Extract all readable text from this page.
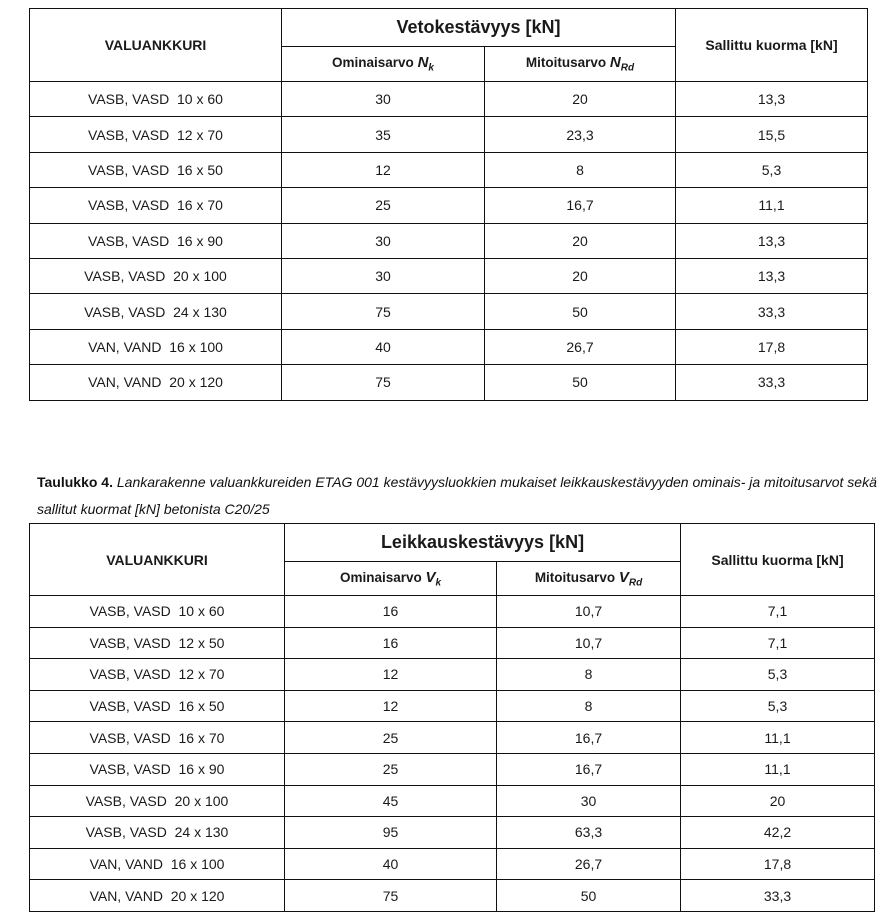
VALUANKKURI	Vetokestävyys [kN]		Sallittu kuorma [kN]
	Ominaisarvo $N_k$	Mitoitusarvo $N_{Rd}$
VASB, VASD  10 x 60	30	20	13,3
VASB, VASD  12 x 70	35	23,3	15,5
VASB, VASD  16 x 50	12	8	5,3
VASB, VASD  16 x 70	25	16,7	11,1
VASB, VASD  16 x 90	30	20	13,3
VASB, VASD  20 x 100	30	20	13,3
VASB, VASD  24 x 130	75	50	33,3
VAN, VAND  16 x 100	40	26,7	17,8
VAN, VAND  20 x 120	75	50	33,3
Taulukko 4. Lankarakenne valuankkureiden ETAG 001 kestävyysluokkien mukaiset leikkauskestävyyden ominais- ja mitoitusarvot sekä sallitut kuormat [kN] betonista C20/25
VALUANKKURI	Leikkauskestävyys [kN]		Sallittu kuorma [kN]
	Ominaisarvo $V_k$	Mitoitusarvo $V_{Rd}$
VASB, VASD  10 x 60	16	10,7	7,1
VASB, VASD  12 x 50	16	10,7	7,1
VASB, VASD  12 x 70	12	8	5,3
VASB, VASD  16 x 50	12	8	5,3
VASB, VASD  16 x 70	25	16,7	11,1
VASB, VASD  16 x 90	25	16,7	11,1
VASB, VASD  20 x 100	45	30	20
VASB, VASD  24 x 130	95	63,3	42,2
VAN, VAND  16 x 100	40	26,7	17,8
VAN, VAND  20 x 120	75	50	33,3
